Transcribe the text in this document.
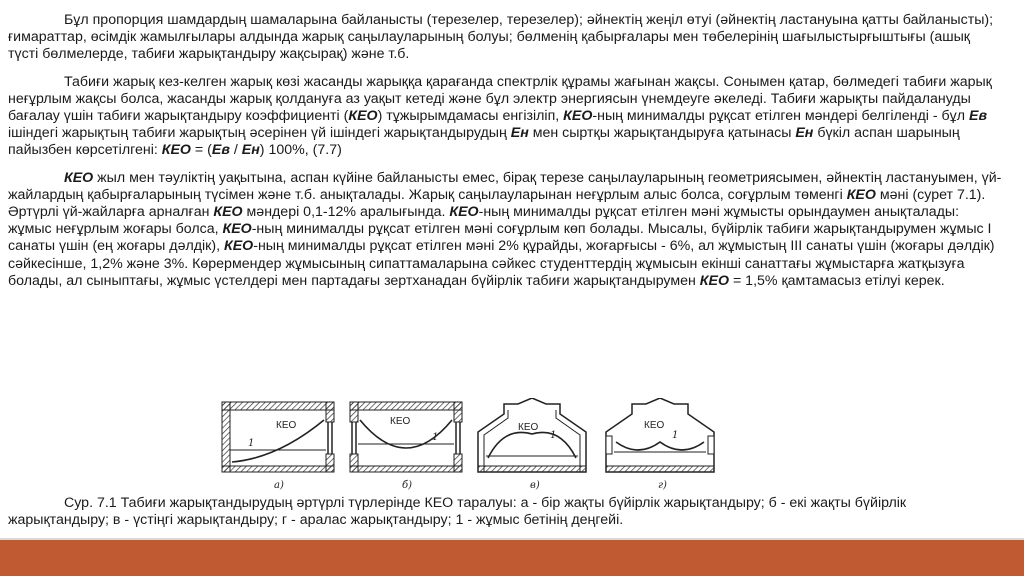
Бұл пропорция шамдардың шамаларына байланысты (терезелер, терезелер); әйнектің жеңіл өтуі (әйнектің ластануына қатты байланысты); ғимараттар, өсімдік жамылғылары алдында жарық саңылауларының болуы; бөлменің қабырғалары мен төбелерінің шағылыстырғыштығы (ашық түсті бөлмелерде, табиғи жарықтандыру жақсырақ) және т.б.

Табиғи жарық кез-келген жарық көзі жасанды жарыққа қарағанда спектрлік құрамы жағынан жақсы. Сонымен қатар, бөлмедегі табиғи жарық неғұрлым жақсы болса, жасанды жарық қолдануға аз уақыт кетеді және бұл электр энергиясын үнемдеуге әкеледі. Табиғи жарықты пайдалануды бағалау үшін табиғи жарықтандыру коэффициенті (КЕО) тұжырымдамасы енгізіліп, КЕО-ның минималды рұқсат етілген мәндері белгіленді - бұл Ев ішіндегі жарықтың табиғи жарықтың әсерінен үй ішіндегі жарықтандырудың Ен мен сыртқы жарықтандыруға қатынасы Ен бүкіл аспан шарының пайызбен көрсетілгені: КЕО = (Ев / Ен) 100%, (7.7)

КЕО жыл мен тәуліктің уақытына, аспан күйіне байланысты емес, бірақ терезе саңылауларының геометриясымен, әйнектің ластануымен, үй-жайлардың қабырғаларының түсімен және т.б. анықталады. Жарық саңылауларынан неғұрлым алыс болса, соғұрлым төменгі КЕО мәні (сурет 7.1). Әртүрлі үй-жайларға арналған КЕО мәндері 0,1-12% аралығында. КЕО-ның минималды рұқсат етілген мәні жұмысты орындаумен анықталады: жұмыс неғұрлым жоғары болса, КЕО-ның минималды рұқсат етілген мәні соғұрлым көп болады. Мысалы, бүйірлік табиғи жарықтандырумен жұмыс I санаты үшін (ең жоғары дәлдік), КЕО-ның минималды рұқсат етілген мәні 2% құрайды, жоғарғысы - 6%, ал жұмыстың III санаты үшін (жоғары дәлдік) сәйкесінше, 1,2% және 3%. Көрермендер жұмысының сипаттамаларына сәйкес студенттердің жұмысын екінші санаттағы жұмыстарға жатқызуға болады, ал сыныптағы, жұмыс үстелдері мен партадағы зертханадан бүйірлік табиғи жарықтандырумен КЕО = 1,5% қамтамасыз етілуі керек.

КЕО
1
а)
КЕО
1
б)
КЕО
1
в)
КЕО
1
г)

Сур. 7.1 Табиғи жарықтандырудың әртүрлі түрлерінде КЕО таралуы: а - бір жақты бүйірлік жарықтандыру; б - екі жақты бүйірлік жарықтандыру; в - үстіңгі жарықтандыру; г - аралас жарықтандыру; 1 - жұмыс бетінің деңгейі.
